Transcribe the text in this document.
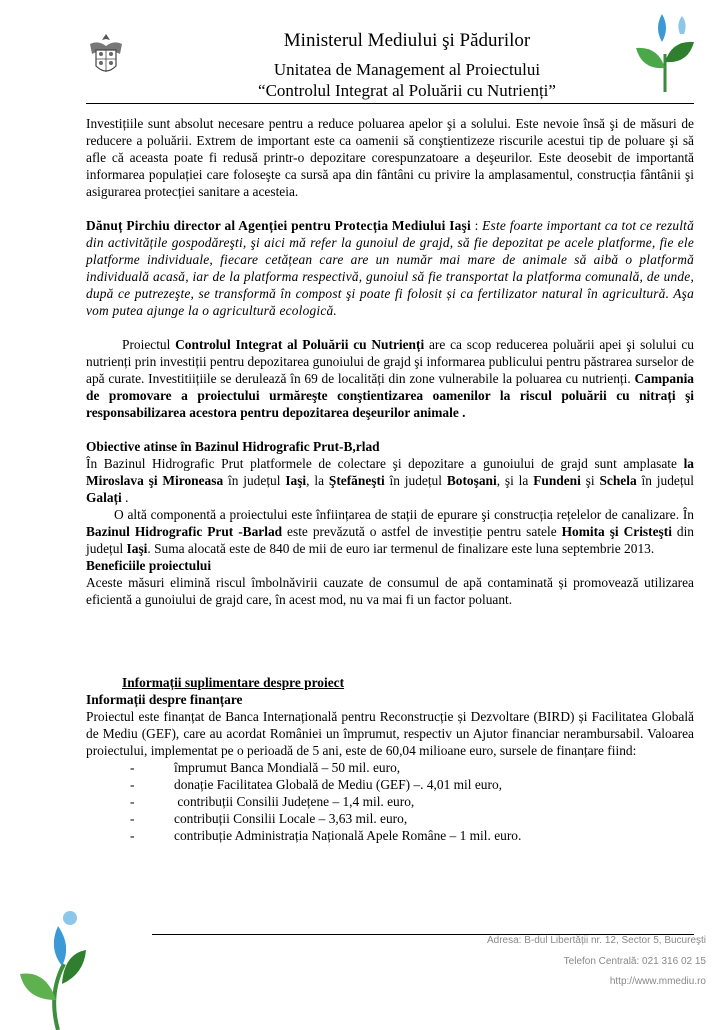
Ministerul Mediului şi Pădurilor
Unitatea de Management al Proiectului
“Controlul Integrat al Poluării cu Nutrienți”

Investițiile sunt absolut necesare pentru a reduce poluarea apelor şi a solului. Este nevoie însă şi de măsuri de reducere a poluării. Extrem de important este ca oamenii să conştientizeze riscurile acestui tip de poluare şi să afle că aceasta poate fi redusă printr-o depozitare corespunzatoare a deşeurilor. Este deosebit de importantă informarea populației care foloseşte ca sursă apa din fântâni cu privire la amplasamentul, construcția fântânii şi asigurarea protecției sanitare a acesteia.

Dănuț Pirchiu director al Agenției pentru Protecția Mediului Iaşi : Este foarte important ca tot ce rezultă din activitățile gospodăreşti, şi aici mă refer la gunoiul de grajd, să fie depozitat pe acele platforme, fie ele platforme individuale, fiecare cetățean care are un număr mai mare de animale să aibă o platformă individuală acasă, iar de la platforma respectivă, gunoiul să fie transportat la platforma comunală, de unde, după ce putrezeşte, se transformă în compost şi poate fi folosit și ca fertilizator natural în agricultură. Aşa vom putea ajunge la o agricultură ecologică.

Proiectul Controlul Integrat al Poluării cu Nutrienți are ca scop reducerea poluării apei şi solului cu nutrienți prin investiții pentru depozitarea gunoiului de grajd şi informarea publicului pentru păstrarea surselor de apă curate. Investitiițiile se derulează în 69 de localități din zone vulnerabile la poluarea cu nutrienți. Campania de promovare a proiectului urmăreşte conştientizarea oamenilor la riscul poluării cu nitrați şi responsabilizarea acestora pentru depozitarea deşeurilor animale .

Obiective atinse în Bazinul Hidrografic Prut-B,rlad

În Bazinul Hidrografic Prut platformele de colectare şi depozitare a gunoiului de grajd sunt amplasate la Miroslava şi Mironeasa în județul Iaşi, la Ştefăneşti în județul Botoşani, şi la Fundeni şi Schela în județul Galați .

O altă componentă a proiectului este înființarea de stații de epurare şi construcția rețelelor de canalizare. În Bazinul Hidrografic Prut -Barlad este prevăzută o astfel de investiție pentru satele Homita şi Cristeşti din județul Iaşi. Suma alocată este de 840 de mii de euro iar termenul de finalizare este luna septembrie 2013.

Beneficiile proiectului

Aceste măsuri elimină riscul îmbolnăvirii cauzate de consumul de apă contaminată și promovează utilizarea eficientă a gunoiului de grajd care, în acest mod, nu va mai fi un factor poluant.

Informații suplimentare despre proiect

Informații despre finanțare

Proiectul este finanțat de Banca Internațională pentru Reconstrucție și Dezvoltare (BIRD) și Facilitatea Globală de Mediu (GEF), care au acordat României un împrumut, respectiv un Ajutor financiar nerambursabil. Valoarea proiectului, implementat pe o perioadă de 5 ani, este de 60,04 milioane euro, sursele de finanțare fiind:

-	împrumut Banca Mondială – 50 mil. euro,
-	donație Facilitatea Globală de Mediu (GEF) –. 4,01 mil euro,
-	contribuții Consilii Județene – 1,4 mil. euro,
-	contribuții Consilii Locale – 3,63 mil. euro,
-	contribuție Administrația Națională Apele Române – 1 mil. euro.
Adresa: B-dul Libertății nr. 12, Sector 5, Bucureşti
Telefon Centrală: 021 316 02 15
http://www.mmediu.ro
